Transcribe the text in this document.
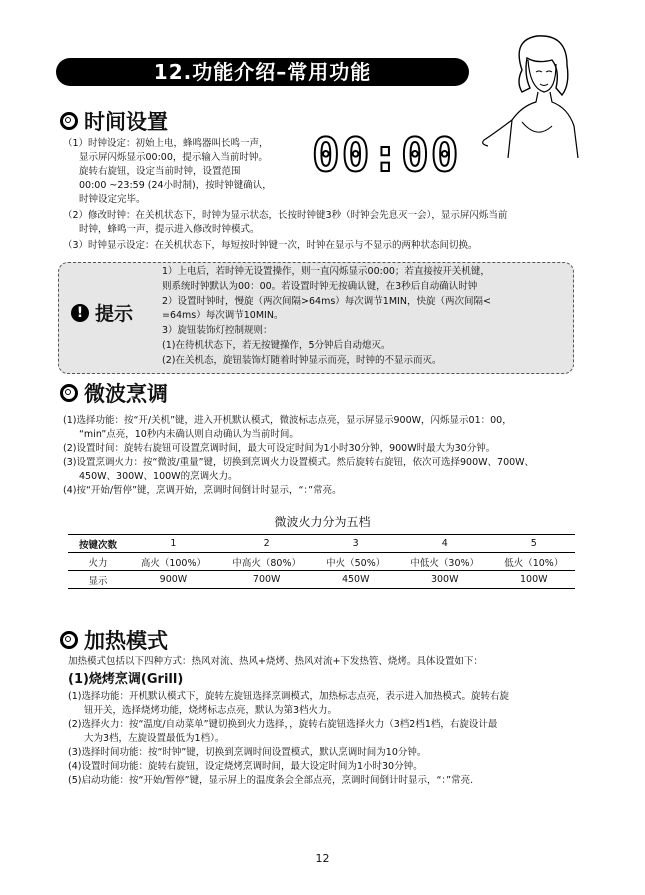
12.功能介绍–常用功能
时间设置
00:00
（1）时钟设定：初始上电，蜂鸣器叫长鸣一声，
显示屏闪烁显示00:00，提示输入当前时钟。
旋转右旋钮，设定当前时钟，设置范围
00:00 ~23:59 (24小时制)，按时钟键确认，
时钟设定完毕。
（2）修改时钟：在关机状态下，时钟为显示状态，长按时钟键3秒（时钟会先息灭一会），显示屏闪烁当前
时钟，蜂鸣一声，提示进入修改时钟模式。
（3）时钟显示设定：在关机状态下，每短按时钟键一次，时钟在显示与不显示的两种状态间切换。
! 提示
1）上电后，若时钟无设置操作，则一直闪烁显示00:00；若直接按开关机键，
则系统时钟默认为00：00。若设置时钟无按确认键，在3秒后自动确认时钟
2）设置时钟时，慢旋（两次间隔>64ms）每次调节1MIN，快旋（两次间隔<
=64ms）每次调节10MIN。
3）旋钮装饰灯控制规则：
(1)在待机状态下，若无按键操作，5分钟后自动熄灭。
(2)在关机态，旋钮装饰灯随着时钟显示而亮，时钟的不显示而灭。
微波烹调
(1)选择功能：按“开/关机”键，进入开机默认模式，微波标志点亮，显示屏显示900W，闪烁显示01：00，
“min”点亮，10秒内未确认则自动确认为当前时间。
(2)设置时间：旋转右旋钮可设置烹调时间，最大可设定时间为1小时30分钟，900W时最大为30分钟。
(3)设置烹调火力：按“微波/重量”键，切换到烹调火力设置模式。然后旋转右旋钮，依次可选择900W、700W、
450W、300W、100W的烹调火力。
(4)按“开始/暂停”键，烹调开始，烹调时间倒计时显示，“：”常亮。
微波火力分为五档
按键次数	1	2	3	4	5
火力	高火（100%）	中高火（80%）	中火（50%）	中低火（30%）	低火（10%）
显示	900W	700W	450W	300W	100W
加热模式
加热模式包括以下四种方式：热风对流、热风+烧烤、热风对流+下发热管、烧烤。具体设置如下：
(1)烧烤烹调(Grill)
(1)选择功能：开机默认模式下，旋转左旋钮选择烹调模式，加热标志点亮，表示进入加热模式。旋转右旋
钮开关，选择烧烤功能，烧烤标志点亮，默认为第3档火力。
(2)选择火力：按“温度/自动菜单”键切换到火力选择，，旋转右旋钮选择火力（3档2档1档，右旋设计最
大为3档，左旋设置最低为1档）。
(3)选择时间功能：按“时钟”键，切换到烹调时间设置模式，默认烹调时间为10分钟。
(4)设置时间功能：旋转右旋钮，设定烧烤烹调时间，最大设定时间为1小时30分钟。
(5)启动功能：按“开始/暂停”键，显示屏上的温度条会全部点亮，烹调时间倒计时显示，“：”常亮.
12
